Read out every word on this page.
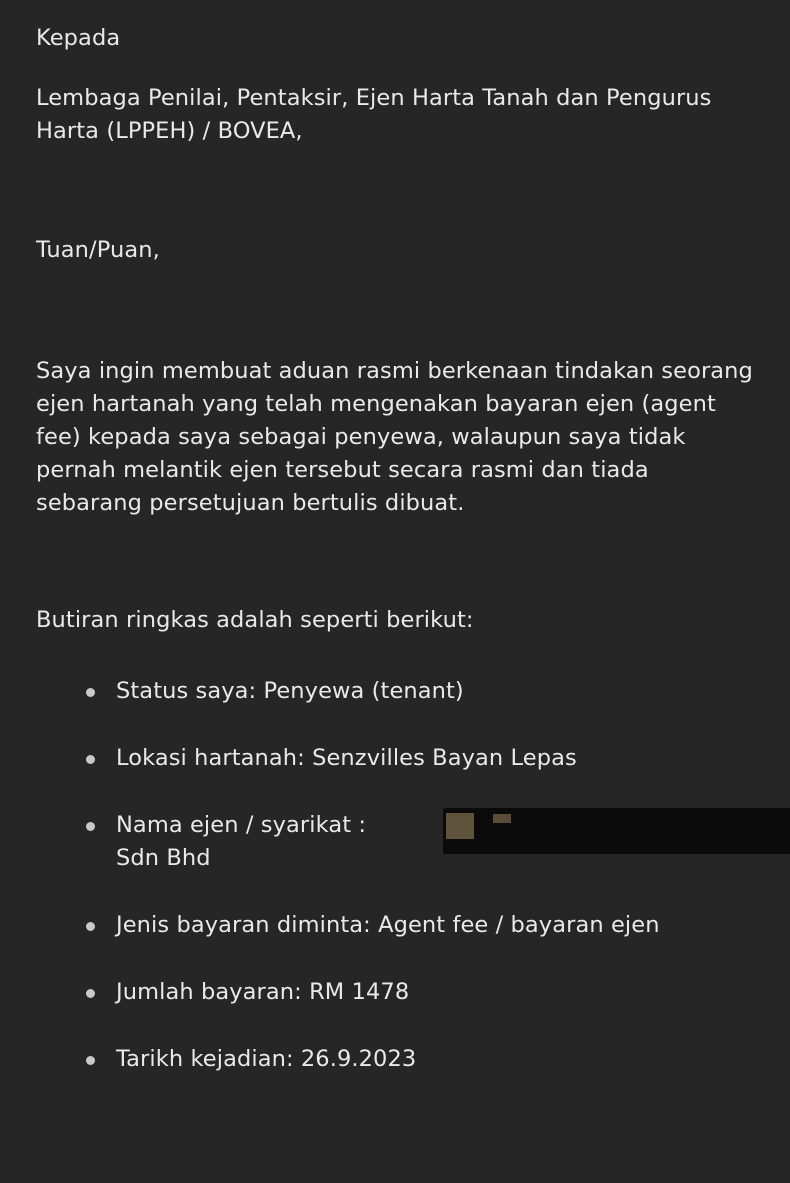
Kepada

Lembaga Penilai, Pentaksir, Ejen Harta Tanah dan Pengurus Harta (LPPEH) / BOVEA,

Tuan/Puan,

Saya ingin membuat aduan rasmi berkenaan tindakan seorang ejen hartanah yang telah mengenakan bayaran ejen (agent fee) kepada saya sebagai penyewa, walaupun saya tidak pernah melantik ejen tersebut secara rasmi dan tiada sebarang persetujuan bertulis dibuat.

Butiran ringkas adalah seperti berikut:

Status saya: Penyewa (tenant)
Lokasi hartanah: Senzvilles Bayan Lepas
Nama ejen / syarikat :

Sdn Bhd
Jenis bayaran diminta: Agent fee / bayaran ejen
Jumlah bayaran: RM 1478
Tarikh kejadian: 26.9.2023
